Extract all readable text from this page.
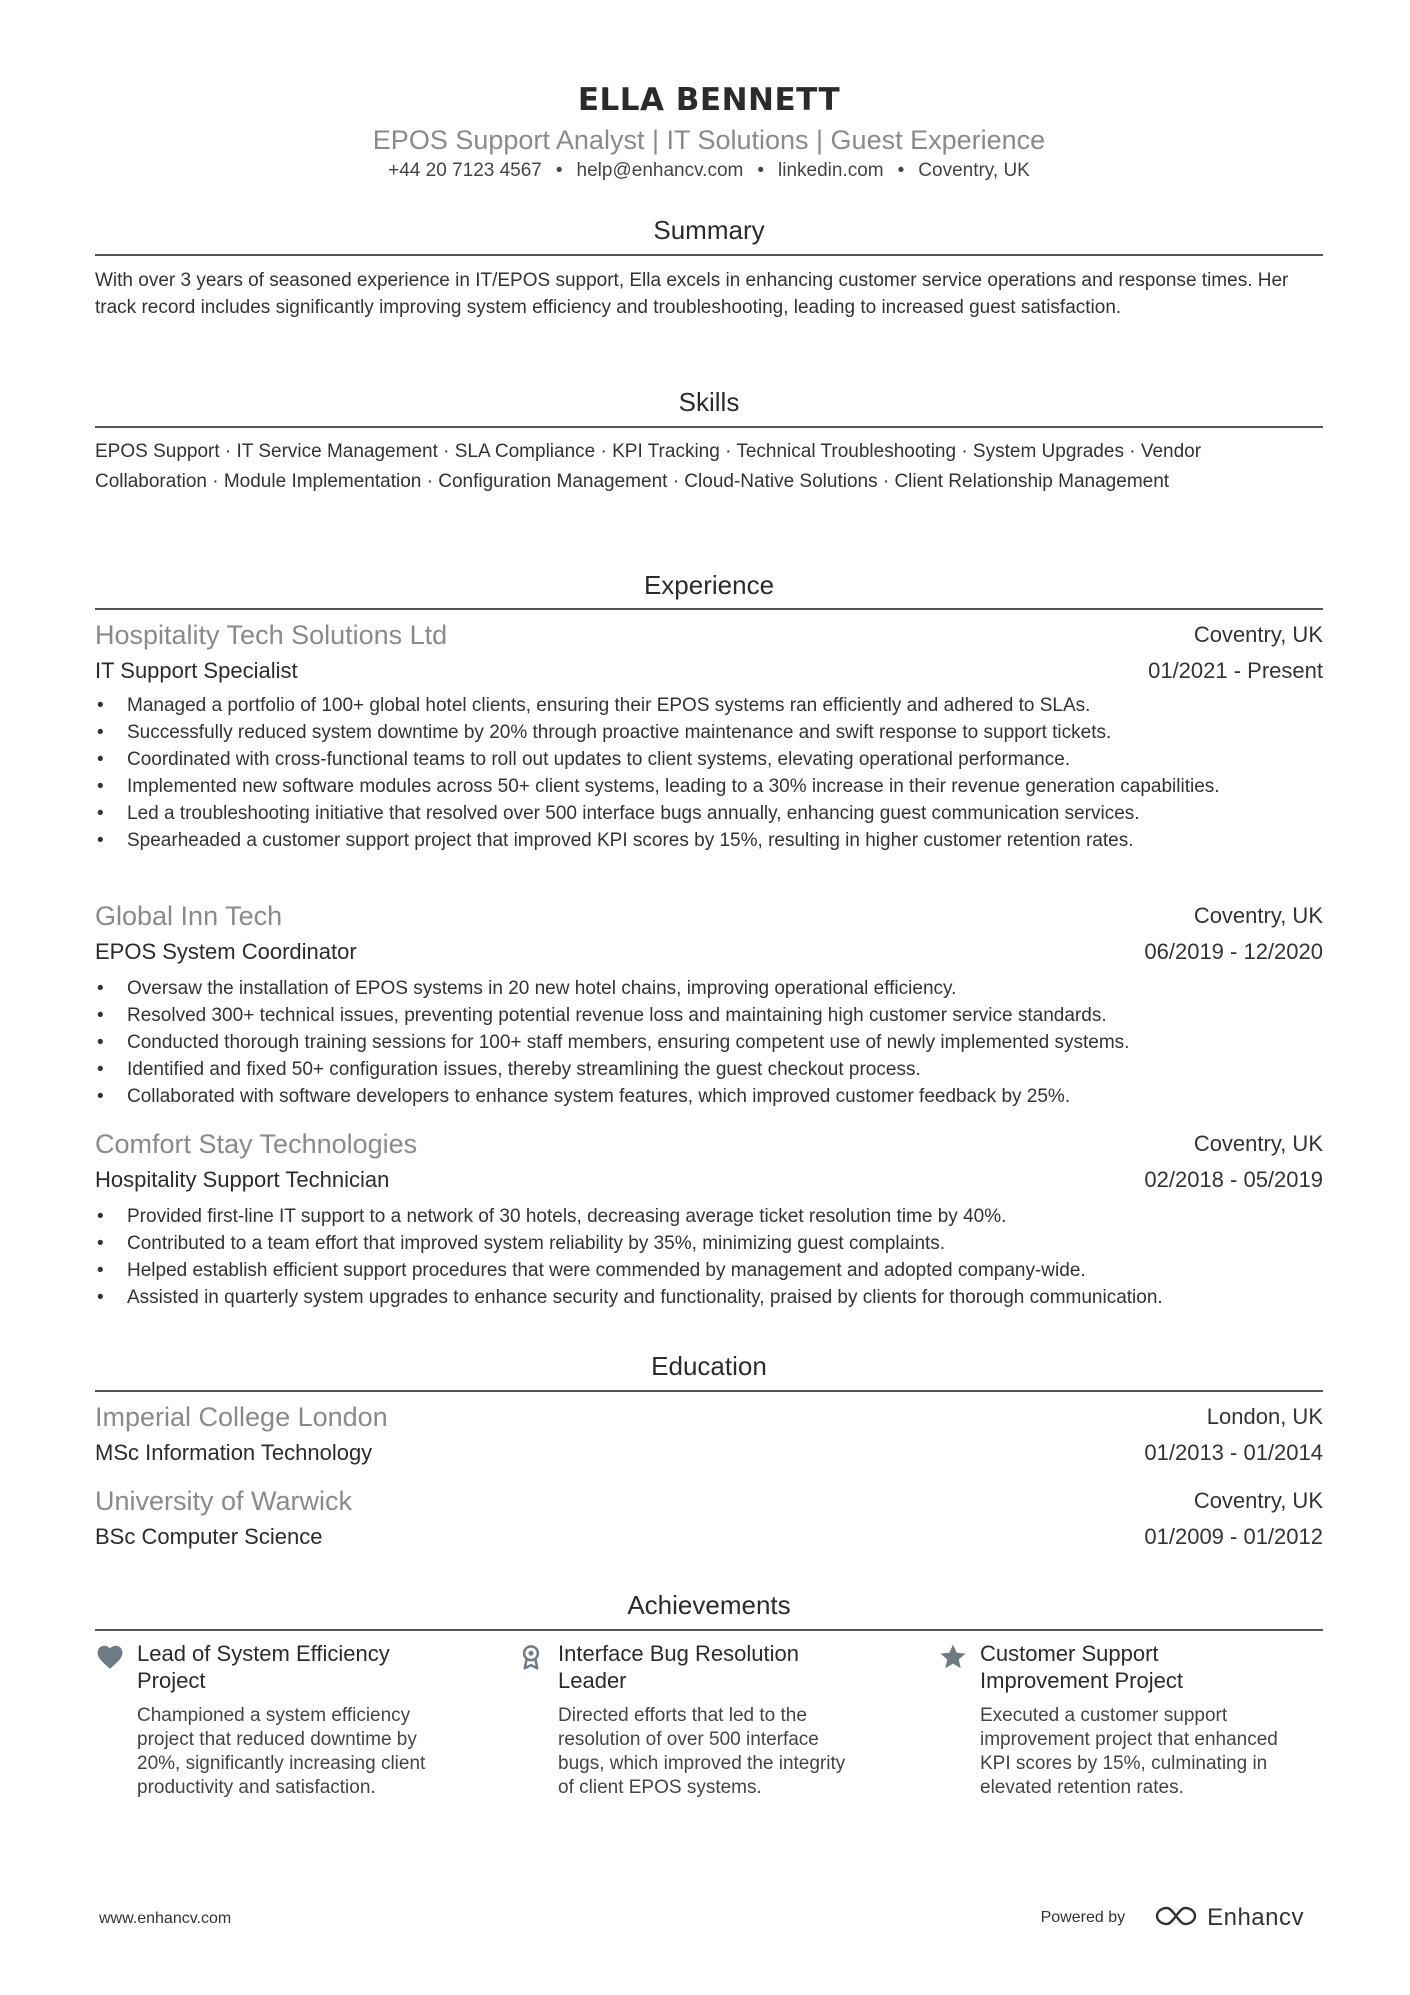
ELLA BENNETT
EPOS Support Analyst | IT Solutions | Guest Experience
+44 20 7123 4567 • help@enhancv.com • linkedin.com • Coventry, UK
Summary
With over 3 years of seasoned experience in IT/EPOS support, Ella excels in enhancing customer service operations and response times. Her track record includes significantly improving system efficiency and troubleshooting, leading to increased guest satisfaction.
Skills
EPOS Support · IT Service Management · SLA Compliance · KPI Tracking · Technical Troubleshooting · System Upgrades · Vendor Collaboration · Module Implementation · Configuration Management · Cloud-Native Solutions · Client Relationship Management
Experience
Hospitality Tech Solutions Ltd	Coventry, UK
IT Support Specialist	01/2021 - Present
• Managed a portfolio of 100+ global hotel clients, ensuring their EPOS systems ran efficiently and adhered to SLAs.
• Successfully reduced system downtime by 20% through proactive maintenance and swift response to support tickets.
• Coordinated with cross-functional teams to roll out updates to client systems, elevating operational performance.
• Implemented new software modules across 50+ client systems, leading to a 30% increase in their revenue generation capabilities.
• Led a troubleshooting initiative that resolved over 500 interface bugs annually, enhancing guest communication services.
• Spearheaded a customer support project that improved KPI scores by 15%, resulting in higher customer retention rates.
Global Inn Tech	Coventry, UK
EPOS System Coordinator	06/2019 - 12/2020
• Oversaw the installation of EPOS systems in 20 new hotel chains, improving operational efficiency.
• Resolved 300+ technical issues, preventing potential revenue loss and maintaining high customer service standards.
• Conducted thorough training sessions for 100+ staff members, ensuring competent use of newly implemented systems.
• Identified and fixed 50+ configuration issues, thereby streamlining the guest checkout process.
• Collaborated with software developers to enhance system features, which improved customer feedback by 25%.
Comfort Stay Technologies	Coventry, UK
Hospitality Support Technician	02/2018 - 05/2019
• Provided first-line IT support to a network of 30 hotels, decreasing average ticket resolution time by 40%.
• Contributed to a team effort that improved system reliability by 35%, minimizing guest complaints.
• Helped establish efficient support procedures that were commended by management and adopted company-wide.
• Assisted in quarterly system upgrades to enhance security and functionality, praised by clients for thorough communication.
Education
Imperial College London	London, UK
MSc Information Technology	01/2013 - 01/2014
University of Warwick	Coventry, UK
BSc Computer Science	01/2009 - 01/2012
Achievements
Lead of System Efficiency Project
Championed a system efficiency project that reduced downtime by 20%, significantly increasing client productivity and satisfaction.
Interface Bug Resolution Leader
Directed efforts that led to the resolution of over 500 interface bugs, which improved the integrity of client EPOS systems.
Customer Support Improvement Project
Executed a customer support improvement project that enhanced KPI scores by 15%, culminating in elevated retention rates.
www.enhancv.com	Powered by	Enhancv
